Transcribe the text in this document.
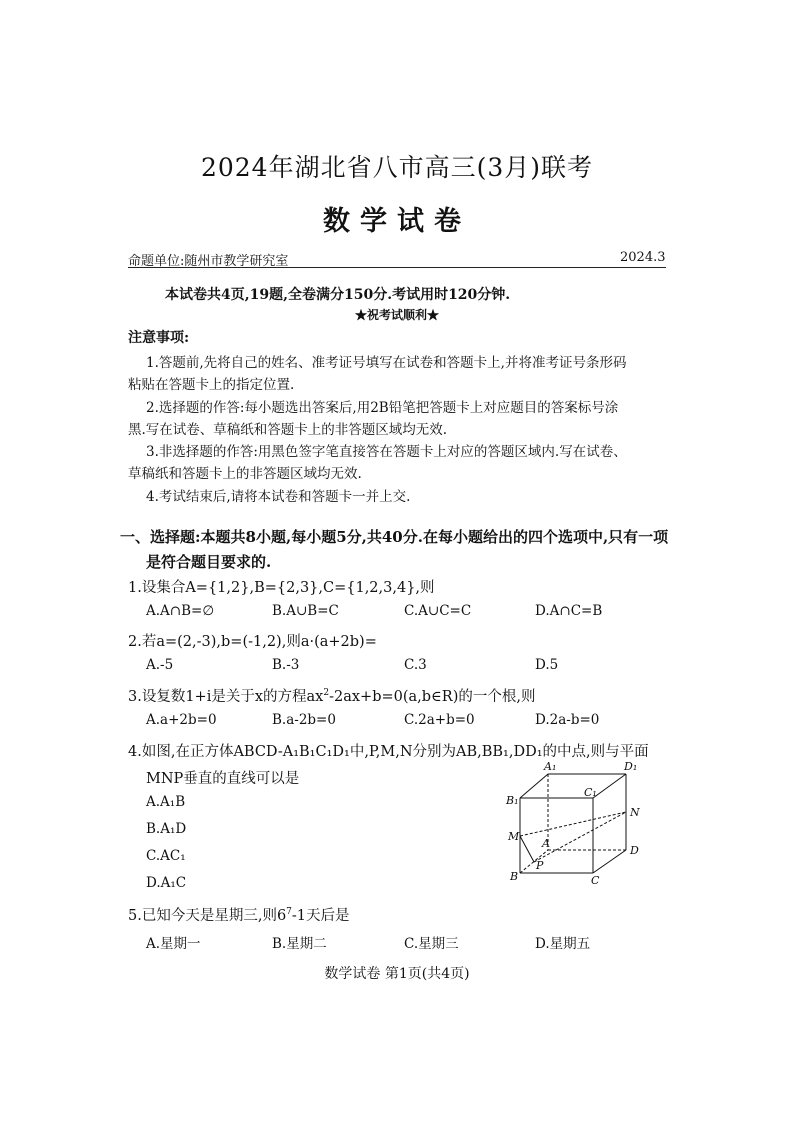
2024年湖北省八市高三(3月)联考
数学试卷
命题单位:随州市教学研究室	2024.3
本试卷共4页,19题,全卷满分150分.考试用时120分钟.
★祝考试顺利★
注意事项:
1.答题前,先将自己的姓名、准考证号填写在试卷和答题卡上,并将准考证号条形码
粘贴在答题卡上的指定位置.
2.选择题的作答:每小题选出答案后,用2B铅笔把答题卡上对应题目的答案标号涂
黑.写在试卷、草稿纸和答题卡上的非答题区域均无效.
3.非选择题的作答:用黑色签字笔直接答在答题卡上对应的答题区域内.写在试卷、
草稿纸和答题卡上的非答题区域均无效.
4.考试结束后,请将本试卷和答题卡一并上交.
一、选择题:本题共8小题,每小题5分,共40分.在每小题给出的四个选项中,只有一项
是符合题目要求的.
1.设集合A={1,2},B={2,3},C={1,2,3,4},则
A.A∩B=∅	B.A∪B=C	C.A∪C=C	D.A∩C=B
2.若a=(2,-3),b=(-1,2),则a·(a+2b)=
A.-5	B.-3	C.3	D.5
3.设复数1+i是关于x的方程$ax^2-2ax+b=0(a,b\in R)$的一个根,则
A.a+2b=0	B.a-2b=0	C.2a+b=0	D.2a-b=0
4.如图,在正方体ABCD-A₁B₁C₁D₁中,P,M,N分别为AB,BB₁,DD₁的中点,则与平面
MNP垂直的直线可以是
A.A₁B
B.A₁D
C.AC₁
D.A₁C
A₁	D₁
B₁
C₁
N
M
A
D
P
B	C
5.已知今天是星期三,则$6^7-1$天后是
A.星期一	B.星期二	C.星期三	D.星期五
数学试卷 第1页(共4页)
